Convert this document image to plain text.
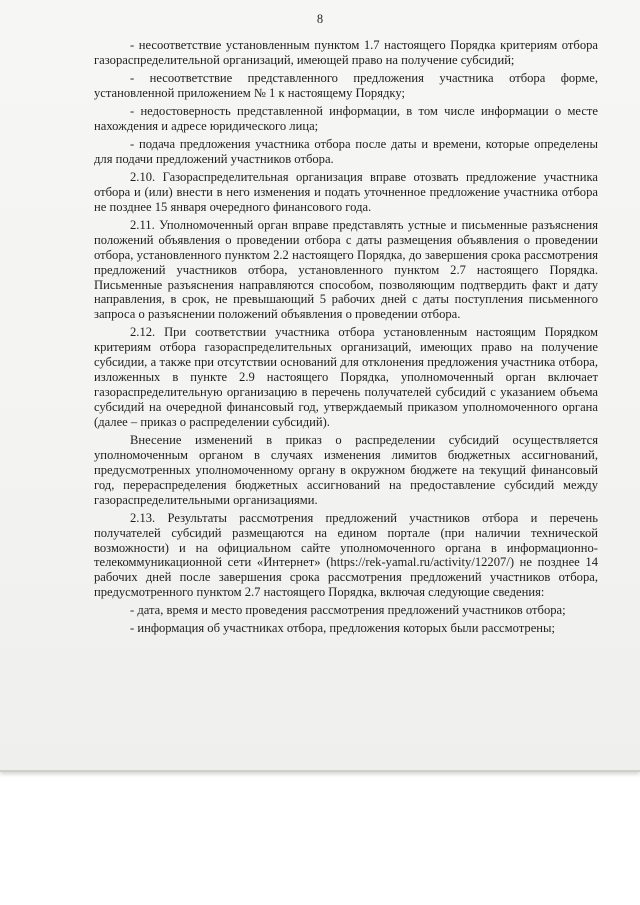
8

- несоответствие установленным пунктом 1.7 настоящего Порядка критериям отбора газораспределительной организаций, имеющей право на получение субсидий;

- несоответствие представленного предложения участника отбора форме, установленной приложением № 1 к настоящему Порядку;

- недостоверность представленной информации, в том числе информации о месте нахождения и адресе юридического лица;

- подача предложения участника отбора после даты и времени, которые определены для подачи предложений участников отбора.

2.10. Газораспределительная организация вправе отозвать предложение участника отбора и (или) внести в него изменения и подать уточненное предложение участника отбора не позднее 15 января очередного финансового года.

2.11. Уполномоченный орган вправе представлять устные и письменные разъяснения положений объявления о проведении отбора с даты размещения объявления о проведении отбора, установленного пунктом 2.2 настоящего Порядка, до завершения срока рассмотрения предложений участников отбора, установленного пунктом 2.7 настоящего Порядка. Письменные разъяснения направляются способом, позволяющим подтвердить факт и дату направления, в срок, не превышающий 5 рабочих дней с даты поступления письменного запроса о разъяснении положений объявления о проведении отбора.

2.12. При соответствии участника отбора установленным настоящим Порядком критериям отбора газораспределительных организаций, имеющих право на получение субсидии, а также при отсутствии оснований для отклонения предложения участника отбора, изложенных в пункте 2.9 настоящего Порядка, уполномоченный орган включает газораспределительную организацию в перечень получателей субсидий с указанием объема субсидий на очередной финансовый год, утверждаемый приказом уполномоченного органа (далее – приказ о распределении субсидий).

Внесение изменений в приказ о распределении субсидий осуществляется уполномоченным органом в случаях изменения лимитов бюджетных ассигнований, предусмотренных уполномоченному органу в окружном бюджете на текущий финансовый год, перераспределения бюджетных ассигнований на предоставление субсидий между газораспределительными организациями.

2.13. Результаты рассмотрения предложений участников отбора и перечень получателей субсидий размещаются на едином портале (при наличии технической возможности) и на официальном сайте уполномоченного органа в информационно-телекоммуникационной сети «Интернет» (https://rek-yamal.ru/activity/12207/) не позднее 14 рабочих дней после завершения срока рассмотрения предложений участников отбора, предусмотренного пунктом 2.7 настоящего Порядка, включая следующие сведения:

- дата, время и место проведения рассмотрения предложений участников отбора;

- информация об участниках отбора, предложения которых были рассмотрены;
